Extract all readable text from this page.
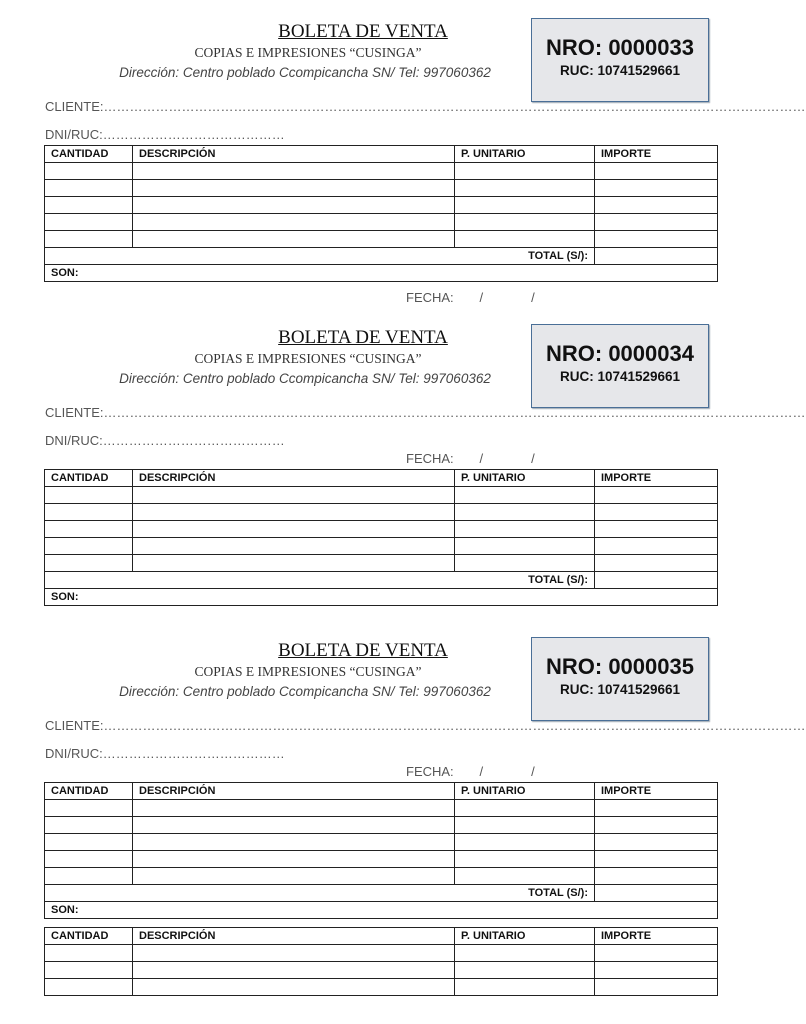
BOLETA DE VENTA
COPIAS E IMPRESIONES “CUSINGA”
Dirección: Centro poblado Ccompicancha SN/ Tel: 997060362
NRO: 0000033
RUC: 10741529661
CLIENTE:………………………………………………………………………………………………………………………………………………
DNI/RUC:……………………………………
CANTIDAD	DESCRIPCIÓN	P. UNITARIO	IMPORTE

TOTAL (S/):			
SON:			
FECHA: /	/
BOLETA DE VENTA
COPIAS E IMPRESIONES “CUSINGA”
Dirección: Centro poblado Ccompicancha SN/ Tel: 997060362
NRO: 0000034
RUC: 10741529661
CLIENTE:………………………………………………………………………………………………………………………………………………
DNI/RUC:……………………………………
FECHA: /	/
CANTIDAD	DESCRIPCIÓN	P. UNITARIO	IMPORTE

TOTAL (S/):			
SON:			
BOLETA DE VENTA
COPIAS E IMPRESIONES “CUSINGA”
Dirección: Centro poblado Ccompicancha SN/ Tel: 997060362
NRO: 0000035
RUC: 10741529661
CLIENTE:………………………………………………………………………………………………………………………………………………
DNI/RUC:……………………………………
FECHA: /	/
CANTIDAD	DESCRIPCIÓN	P. UNITARIO	IMPORTE

TOTAL (S/):			
SON:			
CANTIDAD	DESCRIPCIÓN	P. UNITARIO	IMPORTE
